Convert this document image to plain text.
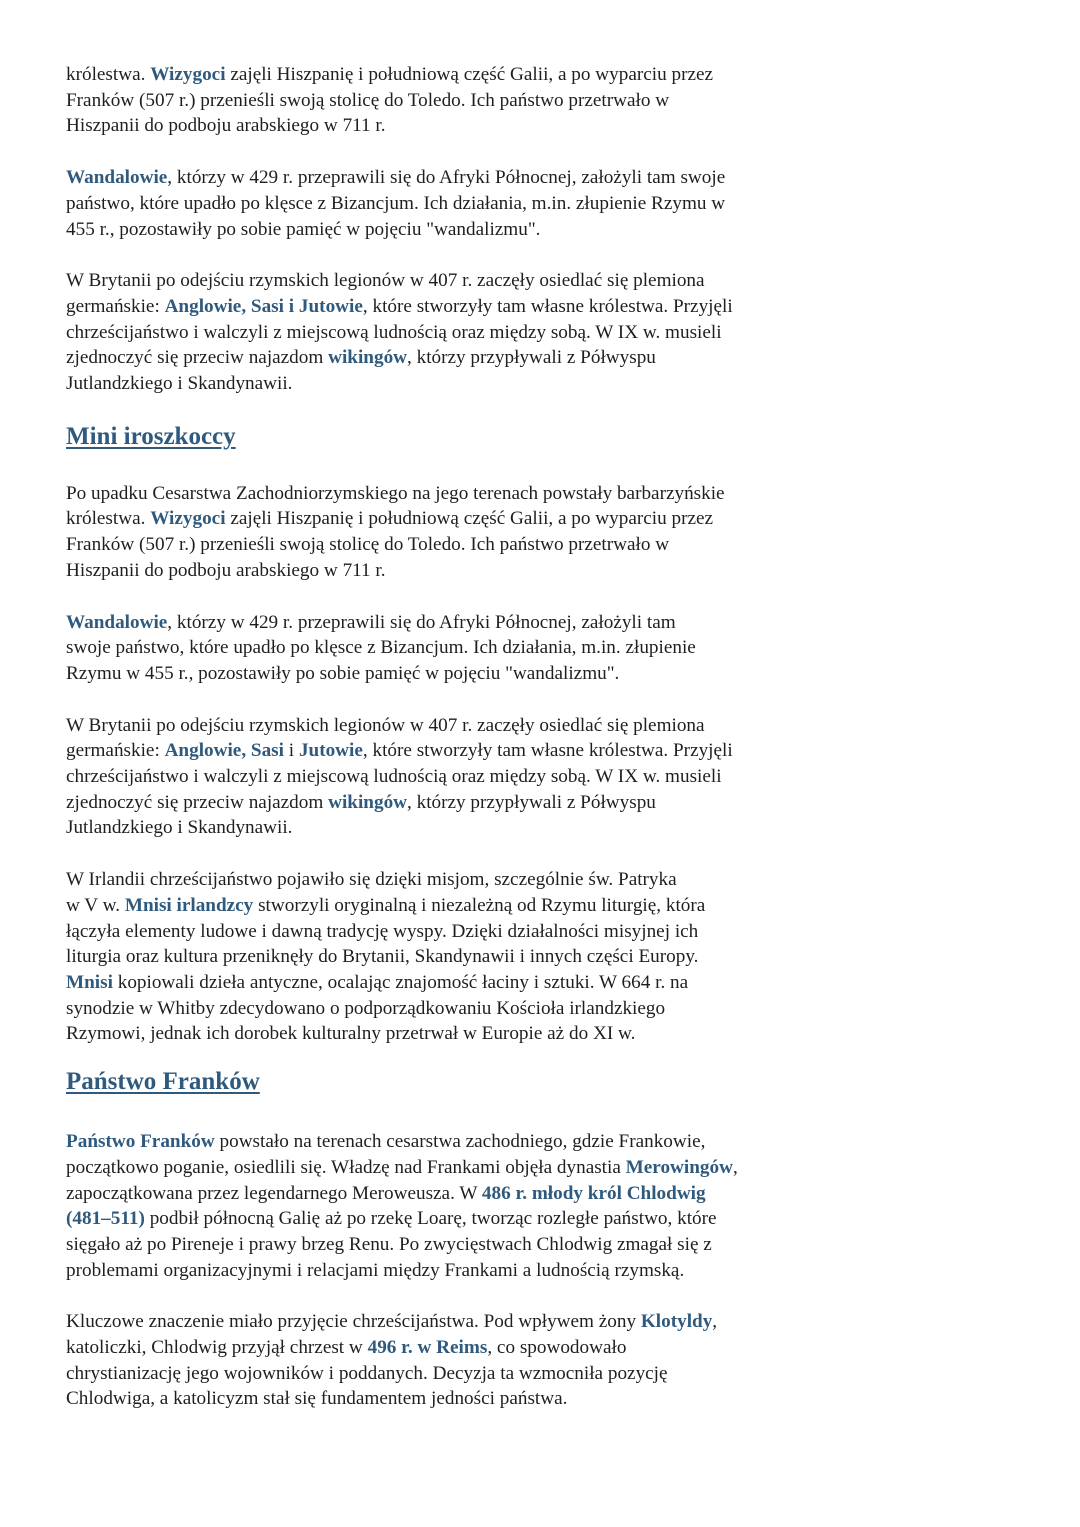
królestwa. Wizygoci zajęli Hiszpanię i południową część Galii, a po wyparciu przez
Franków (507 r.) przenieśli swoją stolicę do Toledo. Ich państwo przetrwało w
Hiszpanii do podboju arabskiego w 711 r.

Wandalowie, którzy w 429 r. przeprawili się do Afryki Północnej, założyli tam swoje
państwo, które upadło po klęsce z Bizancjum. Ich działania, m.in. złupienie Rzymu w
455 r., pozostawiły po sobie pamięć w pojęciu "wandalizmu".

W Brytanii po odejściu rzymskich legionów w 407 r. zaczęły osiedlać się plemiona
germańskie: Anglowie, Sasi i Jutowie, które stworzyły tam własne królestwa. Przyjęli
chrześcijaństwo i walczyli z miejscową ludnością oraz między sobą. W IX w. musieli
zjednoczyć się przeciw najazdom wikingów, którzy przypływali z Półwyspu
Jutlandzkiego i Skandynawii.

Mini iroszkoccy

Po upadku Cesarstwa Zachodniorzymskiego na jego terenach powstały barbarzyńskie
królestwa. Wizygoci zajęli Hiszpanię i południową część Galii, a po wyparciu przez
Franków (507 r.) przenieśli swoją stolicę do Toledo. Ich państwo przetrwało w
Hiszpanii do podboju arabskiego w 711 r.

Wandalowie, którzy w 429 r. przeprawili się do Afryki Północnej, założyli tam
swoje państwo, które upadło po klęsce z Bizancjum. Ich działania, m.in. złupienie
Rzymu w 455 r., pozostawiły po sobie pamięć w pojęciu "wandalizmu".

W Brytanii po odejściu rzymskich legionów w 407 r. zaczęły osiedlać się plemiona
germańskie: Anglowie, Sasi i Jutowie, które stworzyły tam własne królestwa. Przyjęli
chrześcijaństwo i walczyli z miejscową ludnością oraz między sobą. W IX w. musieli
zjednoczyć się przeciw najazdom wikingów, którzy przypływali z Półwyspu
Jutlandzkiego i Skandynawii.

W Irlandii chrześcijaństwo pojawiło się dzięki misjom, szczególnie św. Patryka
w V w. Mnisi irlandzcy stworzyli oryginalną i niezależną od Rzymu liturgię, która
łączyła elementy ludowe i dawną tradycję wyspy. Dzięki działalności misyjnej ich
liturgia oraz kultura przeniknęły do Brytanii, Skandynawii i innych części Europy.
Mnisi kopiowali dzieła antyczne, ocalając znajomość łaciny i sztuki. W 664 r. na
synodzie w Whitby zdecydowano o podporządkowaniu Kościoła irlandzkiego
Rzymowi, jednak ich dorobek kulturalny przetrwał w Europie aż do XI w.

Państwo Franków

Państwo Franków powstało na terenach cesarstwa zachodniego, gdzie Frankowie,
początkowo poganie, osiedlili się. Władzę nad Frankami objęła dynastia Merowingów,
zapoczątkowana przez legendarnego Meroweusza. W 486 r. młody król Chlodwig
(481–511) podbił północną Galię aż po rzekę Loarę, tworząc rozległe państwo, które
sięgało aż po Pireneje i prawy brzeg Renu. Po zwycięstwach Chlodwig zmagał się z
problemami organizacyjnymi i relacjami między Frankami a ludnością rzymską.

Kluczowe znaczenie miało przyjęcie chrześcijaństwa. Pod wpływem żony Klotyldy,
katoliczki, Chlodwig przyjął chrzest w 496 r. w Reims, co spowodowało
chrystianizację jego wojowników i poddanych. Decyzja ta wzmocniła pozycję
Chlodwiga, a katolicyzm stał się fundamentem jedności państwa.
